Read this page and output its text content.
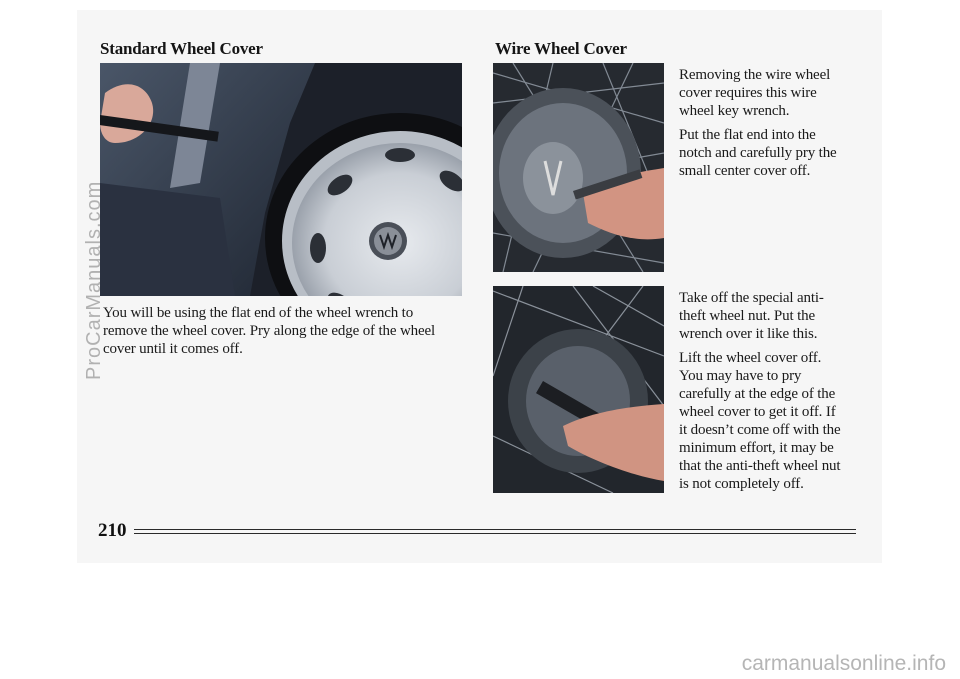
Standard Wheel Cover
You will be using the flat end of the wheel wrench to
remove the wheel cover. Pry along the edge of the wheel
cover until it comes off.
Wire Wheel Cover

Removing the wire wheel
cover requires this wire
wheel key wrench.

Put the flat end into the
notch and carefully pry the
small center cover off.

Take off the special anti-
theft wheel nut. Put the
wrench over it like this.

Lift the wheel cover off.
You may have to pry
carefully at the edge of the
wheel cover to get it off. If
it doesn’t come off with the
minimum effort, it may be
that the anti-theft wheel nut
is not completely off.

210
ProCarManuals.com
carmanualsonline.info
